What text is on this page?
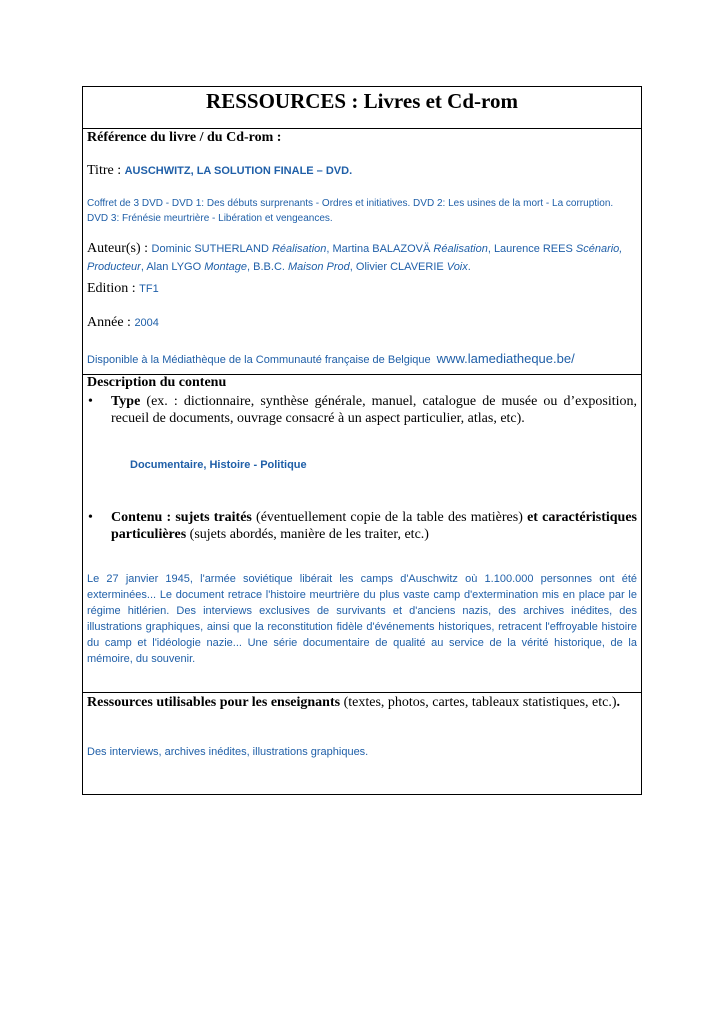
RESSOURCES : Livres et Cd-rom
Référence du livre / du Cd-rom :
Titre : AUSCHWITZ, LA SOLUTION FINALE – DVD.
Coffret de 3 DVD - DVD 1: Des débuts surprenants - Ordres et initiatives. DVD 2: Les usines de la mort - La corruption. DVD 3: Frénésie meurtrière - Libération et vengeances.
Auteur(s) : Dominic SUTHERLAND Réalisation, Martina BALAZOVÄ Réalisation, Laurence REES Scénario, Producteur, Alan LYGO Montage, B.B.C. Maison Prod, Olivier CLAVERIE Voix.
Edition : TF1
Année : 2004
Disponible à la Médiathèque de la Communauté française de Belgique www.lamediatheque.be/
Description du contenu
• Type (ex. : dictionnaire, synthèse générale, manuel, catalogue de musée ou d’exposition, recueil de documents, ouvrage consacré à un aspect particulier, atlas, etc).
Documentaire, Histoire - Politique
• Contenu : sujets traités (éventuellement copie de la table des matières) et caractéristiques particulières (sujets abordés, manière de les traiter, etc.)
Le 27 janvier 1945, l'armée soviétique libérait les camps d'Auschwitz où 1.100.000 personnes ont été exterminées... Le document retrace l'histoire meurtrière du plus vaste camp d'extermination mis en place par le régime hitlérien. Des interviews exclusives de survivants et d'anciens nazis, des archives inédites, des illustrations graphiques, ainsi que la reconstitution fidèle d'événements historiques, retracent l'effroyable histoire du camp et l'idéologie nazie... Une série documentaire de qualité au service de la vérité historique, de la mémoire, du souvenir.
Ressources utilisables pour les enseignants (textes, photos, cartes, tableaux statistiques, etc.).
Des interviews, archives inédites, illustrations graphiques.
